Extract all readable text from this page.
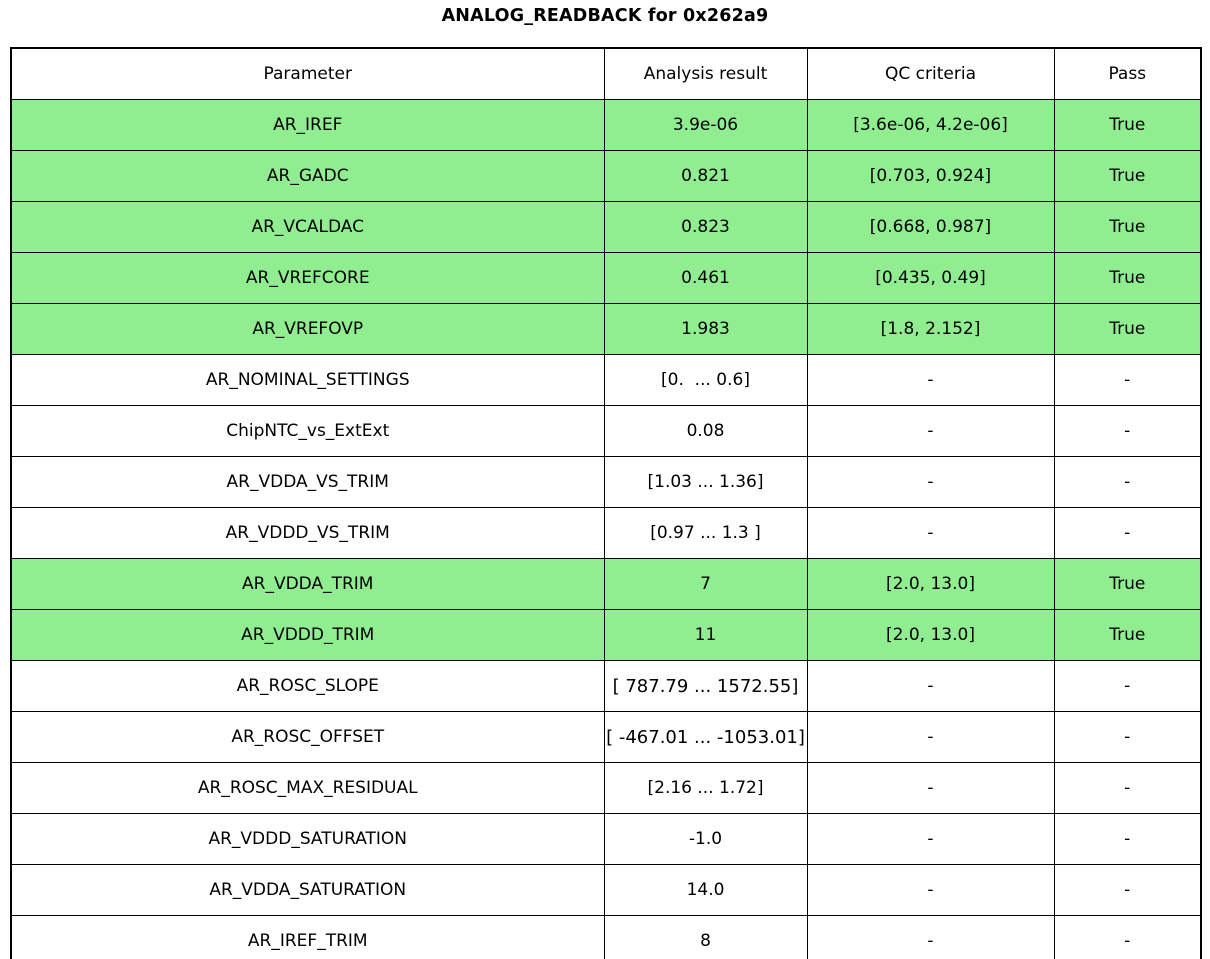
ANALOG_READBACK for 0x262a9
Parameter	Analysis result	QC criteria	Pass

AR_IREF	3.9e-06	[3.6e-06, 4.2e-06]	True

AR_GADC	0.821	[0.703, 0.924]	True

AR_VCALDAC	0.823	[0.668, 0.987]	True

AR_VREFCORE	0.461	[0.435, 0.49]	True

AR_VREFOVP	1.983	[1.8, 2.152]	True

AR_NOMINAL_SETTINGS	[0.  ... 0.6]	-	-

ChipNTC_vs_ExtExt	0.08	-	-

AR_VDDA_VS_TRIM	[1.03 ... 1.36]	-	-

AR_VDDD_VS_TRIM	[0.97 ... 1.3 ]	-	-

AR_VDDA_TRIM	7	[2.0, 13.0]	True

AR_VDDD_TRIM	11	[2.0, 13.0]	True

AR_ROSC_SLOPE	[ 787.79 ... 1572.55]	-	-

AR_ROSC_OFFSET	[ -467.01 ... -1053.01]	-	-

AR_ROSC_MAX_RESIDUAL	[2.16 ... 1.72]	-	-

AR_VDDD_SATURATION	-1.0	-	-

AR_VDDA_SATURATION	14.0	-	-

AR_IREF_TRIM	8	-	-
